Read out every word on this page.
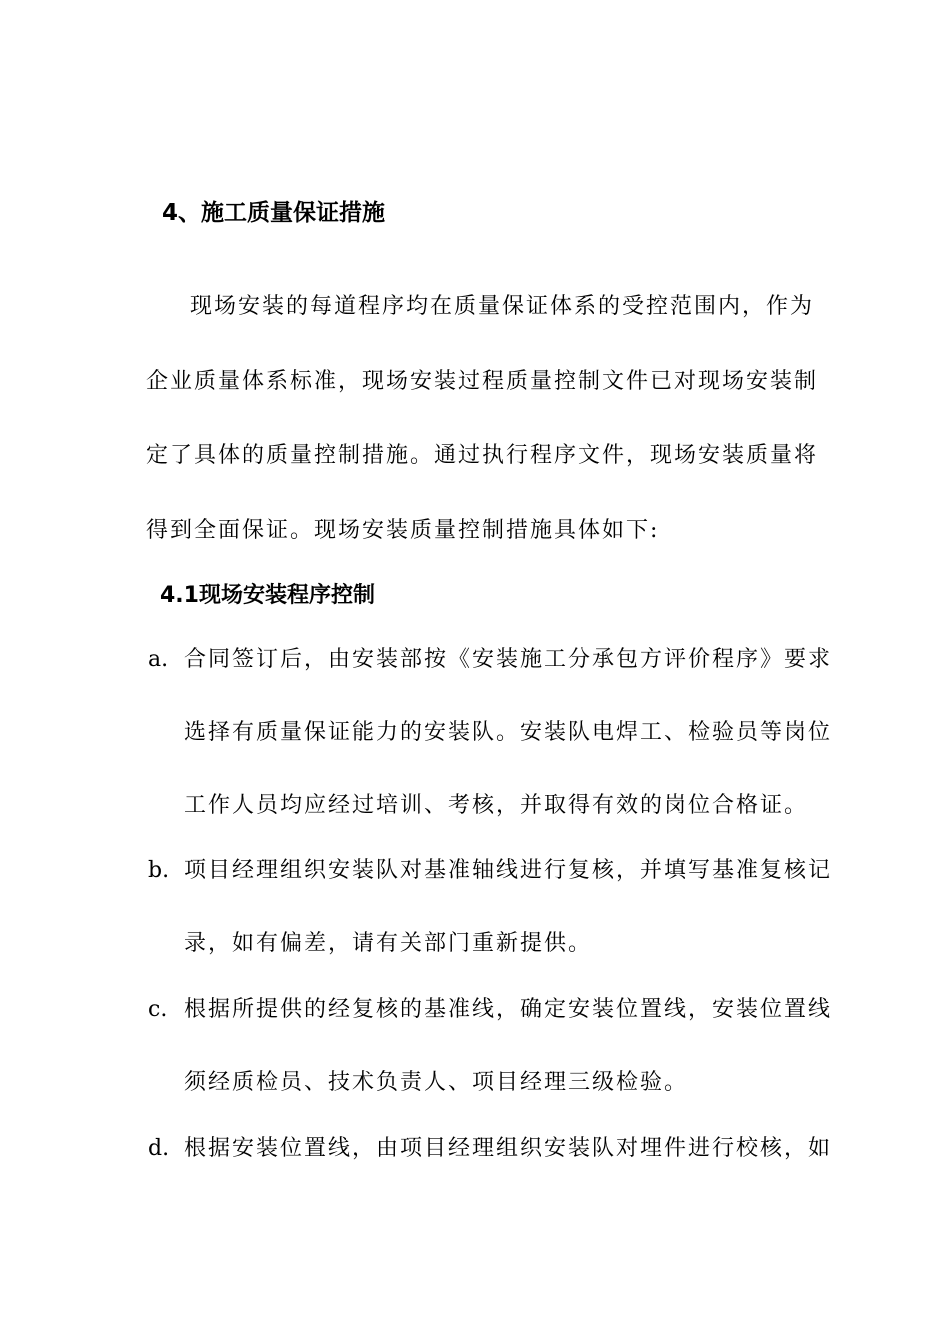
4、施工质量保证措施
现场安装的每道程序均在质量保证体系的受控范围内，作为
企业质量体系标准，现场安装过程质量控制文件已对现场安装制
定了具体的质量控制措施。通过执行程序文件，现场安装质量将
得到全面保证。现场安装质量控制措施具体如下:
4.1现场安装程序控制
a. 合同签订后，由安装部按《安装施工分承包方评价程序》要求
选择有质量保证能力的安装队。安装队电焊工、检验员等岗位
工作人员均应经过培训、考核，并取得有效的岗位合格证。
b. 项目经理组织安装队对基准轴线进行复核，并填写基准复核记
录，如有偏差，请有关部门重新提供。
c. 根据所提供的经复核的基准线，确定安装位置线，安装位置线
须经质检员、技术负责人、项目经理三级检验。
d. 根据安装位置线，由项目经理组织安装队对埋件进行校核，如
